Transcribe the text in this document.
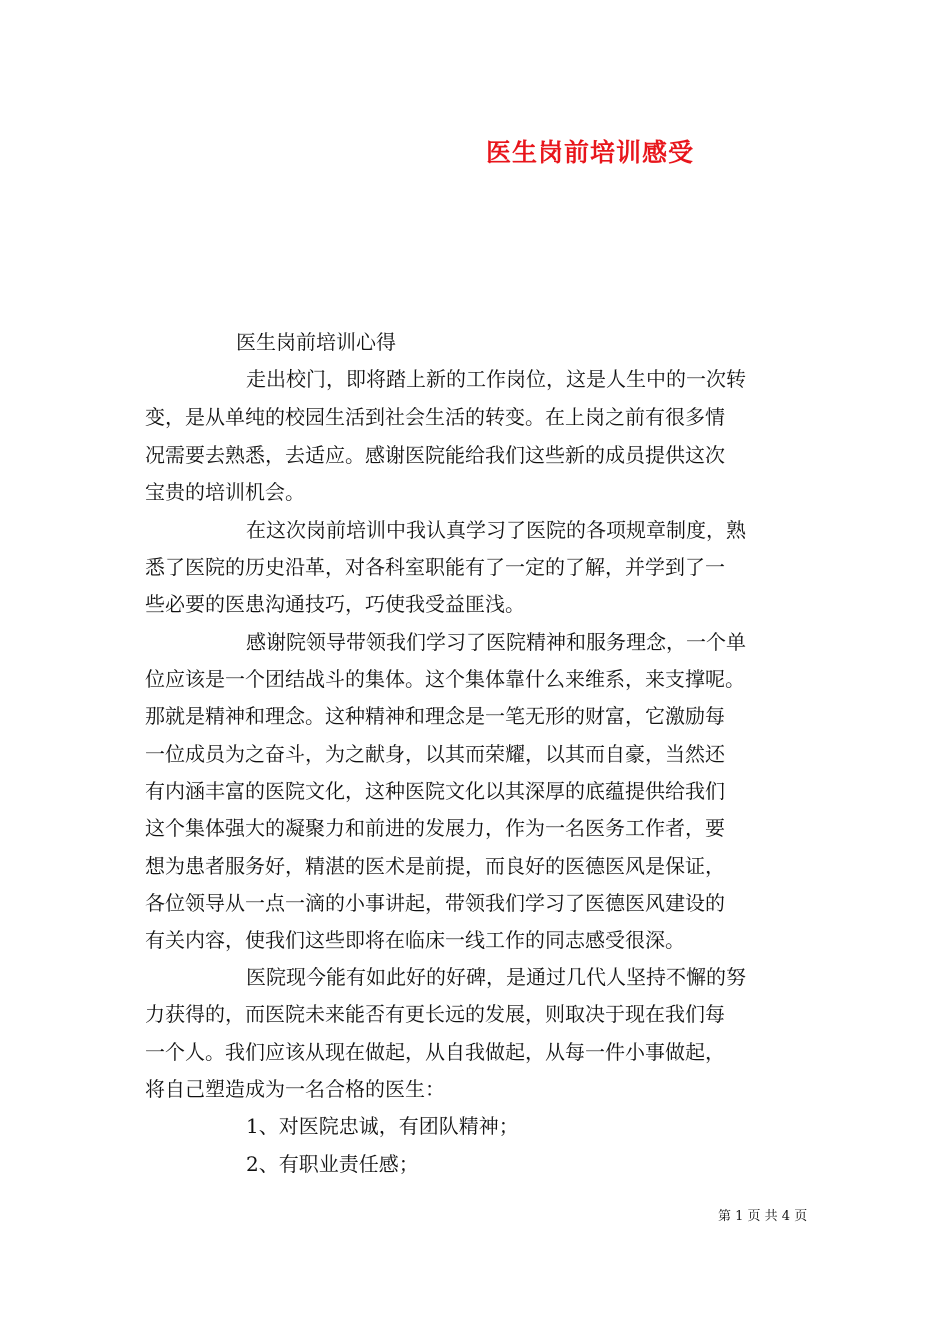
医生岗前培训感受
医生岗前培训心得
走出校门，即将踏上新的工作岗位，这是人生中的一次转
变，是从单纯的校园生活到社会生活的转变。在上岗之前有很多情
况需要去熟悉，去适应。感谢医院能给我们这些新的成员提供这次
宝贵的培训机会。
在这次岗前培训中我认真学习了医院的各项规章制度，熟
悉了医院的历史沿革，对各科室职能有了一定的了解，并学到了一
些必要的医患沟通技巧，巧使我受益匪浅。
感谢院领导带领我们学习了医院精神和服务理念，一个单
位应该是一个团结战斗的集体。这个集体靠什么来维系，来支撑呢。
那就是精神和理念。这种精神和理念是一笔无形的财富，它激励每
一位成员为之奋斗，为之献身，以其而荣耀，以其而自豪，当然还
有内涵丰富的医院文化，这种医院文化以其深厚的底蕴提供给我们
这个集体强大的凝聚力和前进的发展力，作为一名医务工作者，要
想为患者服务好，精湛的医术是前提，而良好的医德医风是保证，
各位领导从一点一滴的小事讲起，带领我们学习了医德医风建设的
有关内容，使我们这些即将在临床一线工作的同志感受很深。
医院现今能有如此好的好碑，是通过几代人坚持不懈的努
力获得的，而医院未来能否有更长远的发展，则取决于现在我们每
一个人。我们应该从现在做起，从自我做起，从每一件小事做起，
将自己塑造成为一名合格的医生：
1、对医院忠诚，有团队精神；
2、有职业责任感；
第 1 页 共 4 页
